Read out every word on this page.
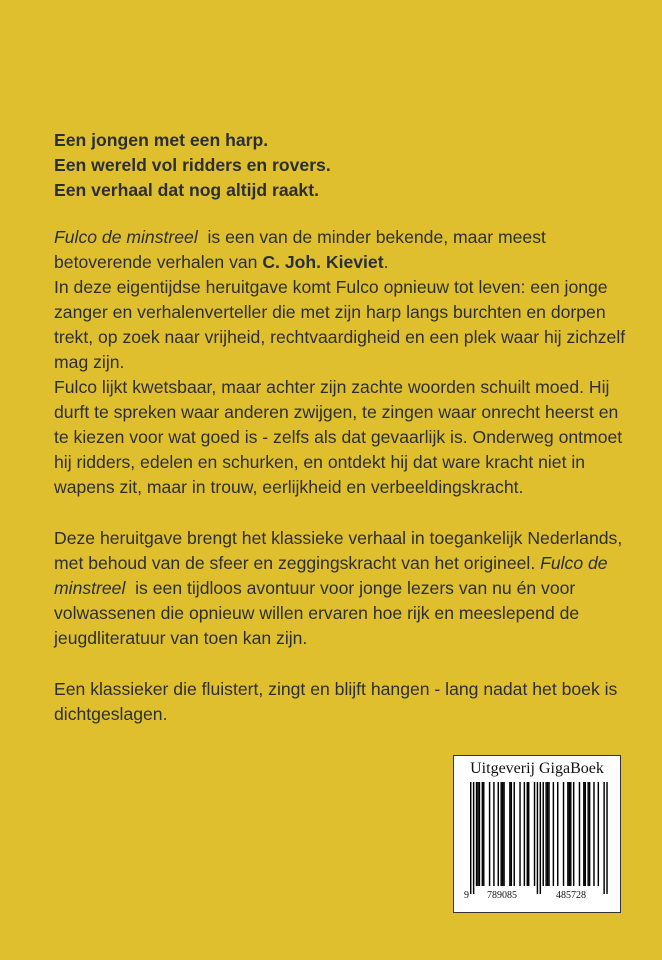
Een jongen met een harp.
Een wereld vol ridders en rovers.
Een verhaal dat nog altijd raakt.

Fulco de minstreel  is een van de minder bekende, maar meest betoverende verhalen van C. Joh. Kieviet.

In deze eigentijdse heruitgave komt Fulco opnieuw tot leven: een jonge zanger en verhalenverteller die met zijn harp langs burchten en dorpen trekt, op zoek naar vrijheid, rechtvaardigheid en een plek waar hij zichzelf mag zijn.

Fulco lijkt kwetsbaar, maar achter zijn zachte woorden schuilt moed. Hij durft te spreken waar anderen zwijgen, te zingen waar onrecht heerst en te kiezen voor wat goed is - zelfs als dat gevaarlijk is. Onderweg ontmoet hij ridders, edelen en schurken, en ontdekt hij dat ware kracht niet in wapens zit, maar in trouw, eerlijkheid en verbeeldingskracht.

Deze heruitgave brengt het klassieke verhaal in toegankelijk Nederlands, met behoud van de sfeer en zeggingskracht van het origineel. Fulco de minstreel  is een tijdloos avontuur voor jonge lezers van nu én voor volwassenen die opnieuw willen ervaren hoe rijk en meeslepend de jeugdliteratuur van toen kan zijn.

Een klassieker die fluistert, zingt en blijft hangen - lang nadat het boek is dichtgeslagen.

Uitgeverij GigaBoek
9 789085	485728
